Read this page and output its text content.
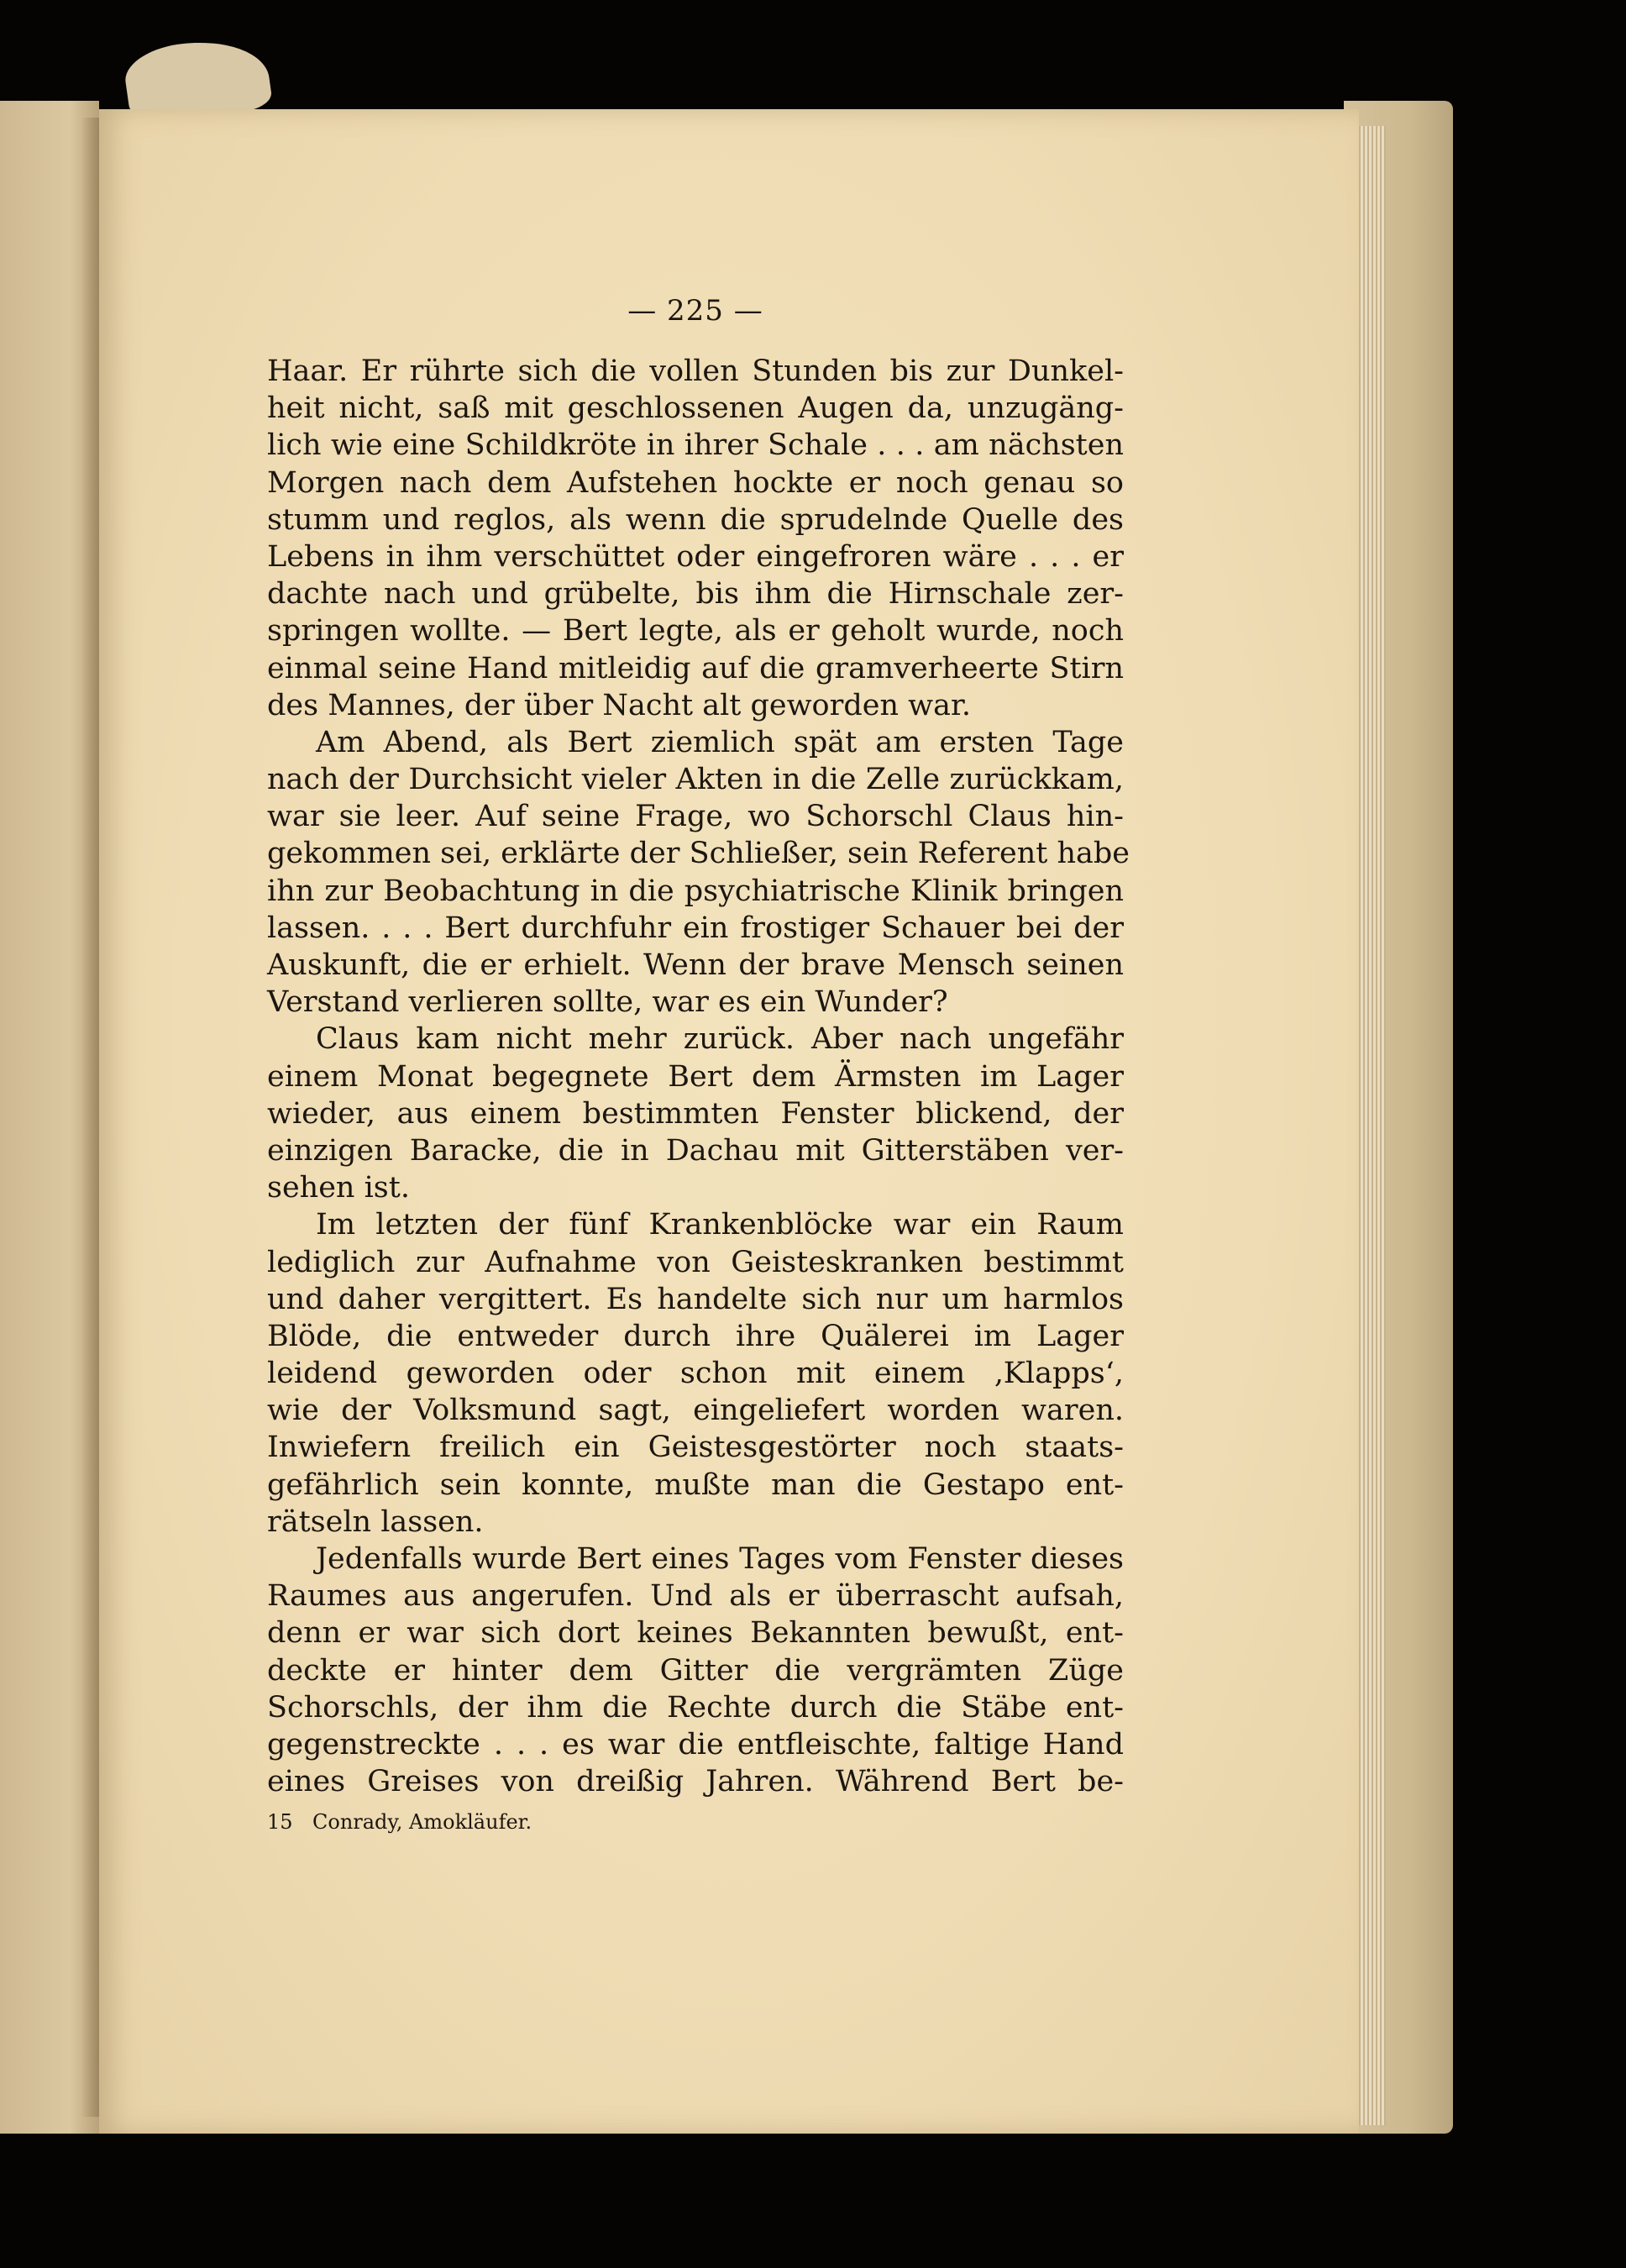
— 225 —
Haar. Er rührte sich die vollen Stunden bis zur Dunkel-
heit nicht, saß mit geschlossenen Augen da, unzugäng-
lich wie eine Schildkröte in ihrer Schale . . . am nächsten
Morgen nach dem Aufstehen hockte er noch genau so
stumm und reglos, als wenn die sprudelnde Quelle des
Lebens in ihm verschüttet oder eingefroren wäre . . . er
dachte nach und grübelte, bis ihm die Hirnschale zer-
springen wollte. — Bert legte, als er geholt wurde, noch
einmal seine Hand mitleidig auf die gramverheerte Stirn
des Mannes, der über Nacht alt geworden war.
Am Abend, als Bert ziemlich spät am ersten Tage
nach der Durchsicht vieler Akten in die Zelle zurückkam,
war sie leer. Auf seine Frage, wo Schorschl Claus hin-
gekommen sei, erklärte der Schließer, sein Referent habe
ihn zur Beobachtung in die psychiatrische Klinik bringen
lassen. . . . Bert durchfuhr ein frostiger Schauer bei der
Auskunft, die er erhielt. Wenn der brave Mensch seinen
Verstand verlieren sollte, war es ein Wunder?
Claus kam nicht mehr zurück. Aber nach ungefähr
einem Monat begegnete Bert dem Ärmsten im Lager
wieder, aus einem bestimmten Fenster blickend, der
einzigen Baracke, die in Dachau mit Gitterstäben ver-
sehen ist.
Im letzten der fünf Krankenblöcke war ein Raum
lediglich zur Aufnahme von Geisteskranken bestimmt
und daher vergittert. Es handelte sich nur um harmlos
Blöde, die entweder durch ihre Quälerei im Lager
leidend geworden oder schon mit einem ‚Klapps‘,
wie der Volksmund sagt, eingeliefert worden waren.
Inwiefern freilich ein Geistesgestörter noch staats-
gefährlich sein konnte, mußte man die Gestapo ent-
rätseln lassen.
Jedenfalls wurde Bert eines Tages vom Fenster dieses
Raumes aus angerufen. Und als er überrascht aufsah,
denn er war sich dort keines Bekannten bewußt, ent-
deckte er hinter dem Gitter die vergrämten Züge
Schorschls, der ihm die Rechte durch die Stäbe ent-
gegenstreckte . . . es war die entfleischte, faltige Hand
eines Greises von dreißig Jahren. Während Bert be-
15 Conrady, Amokläufer.
